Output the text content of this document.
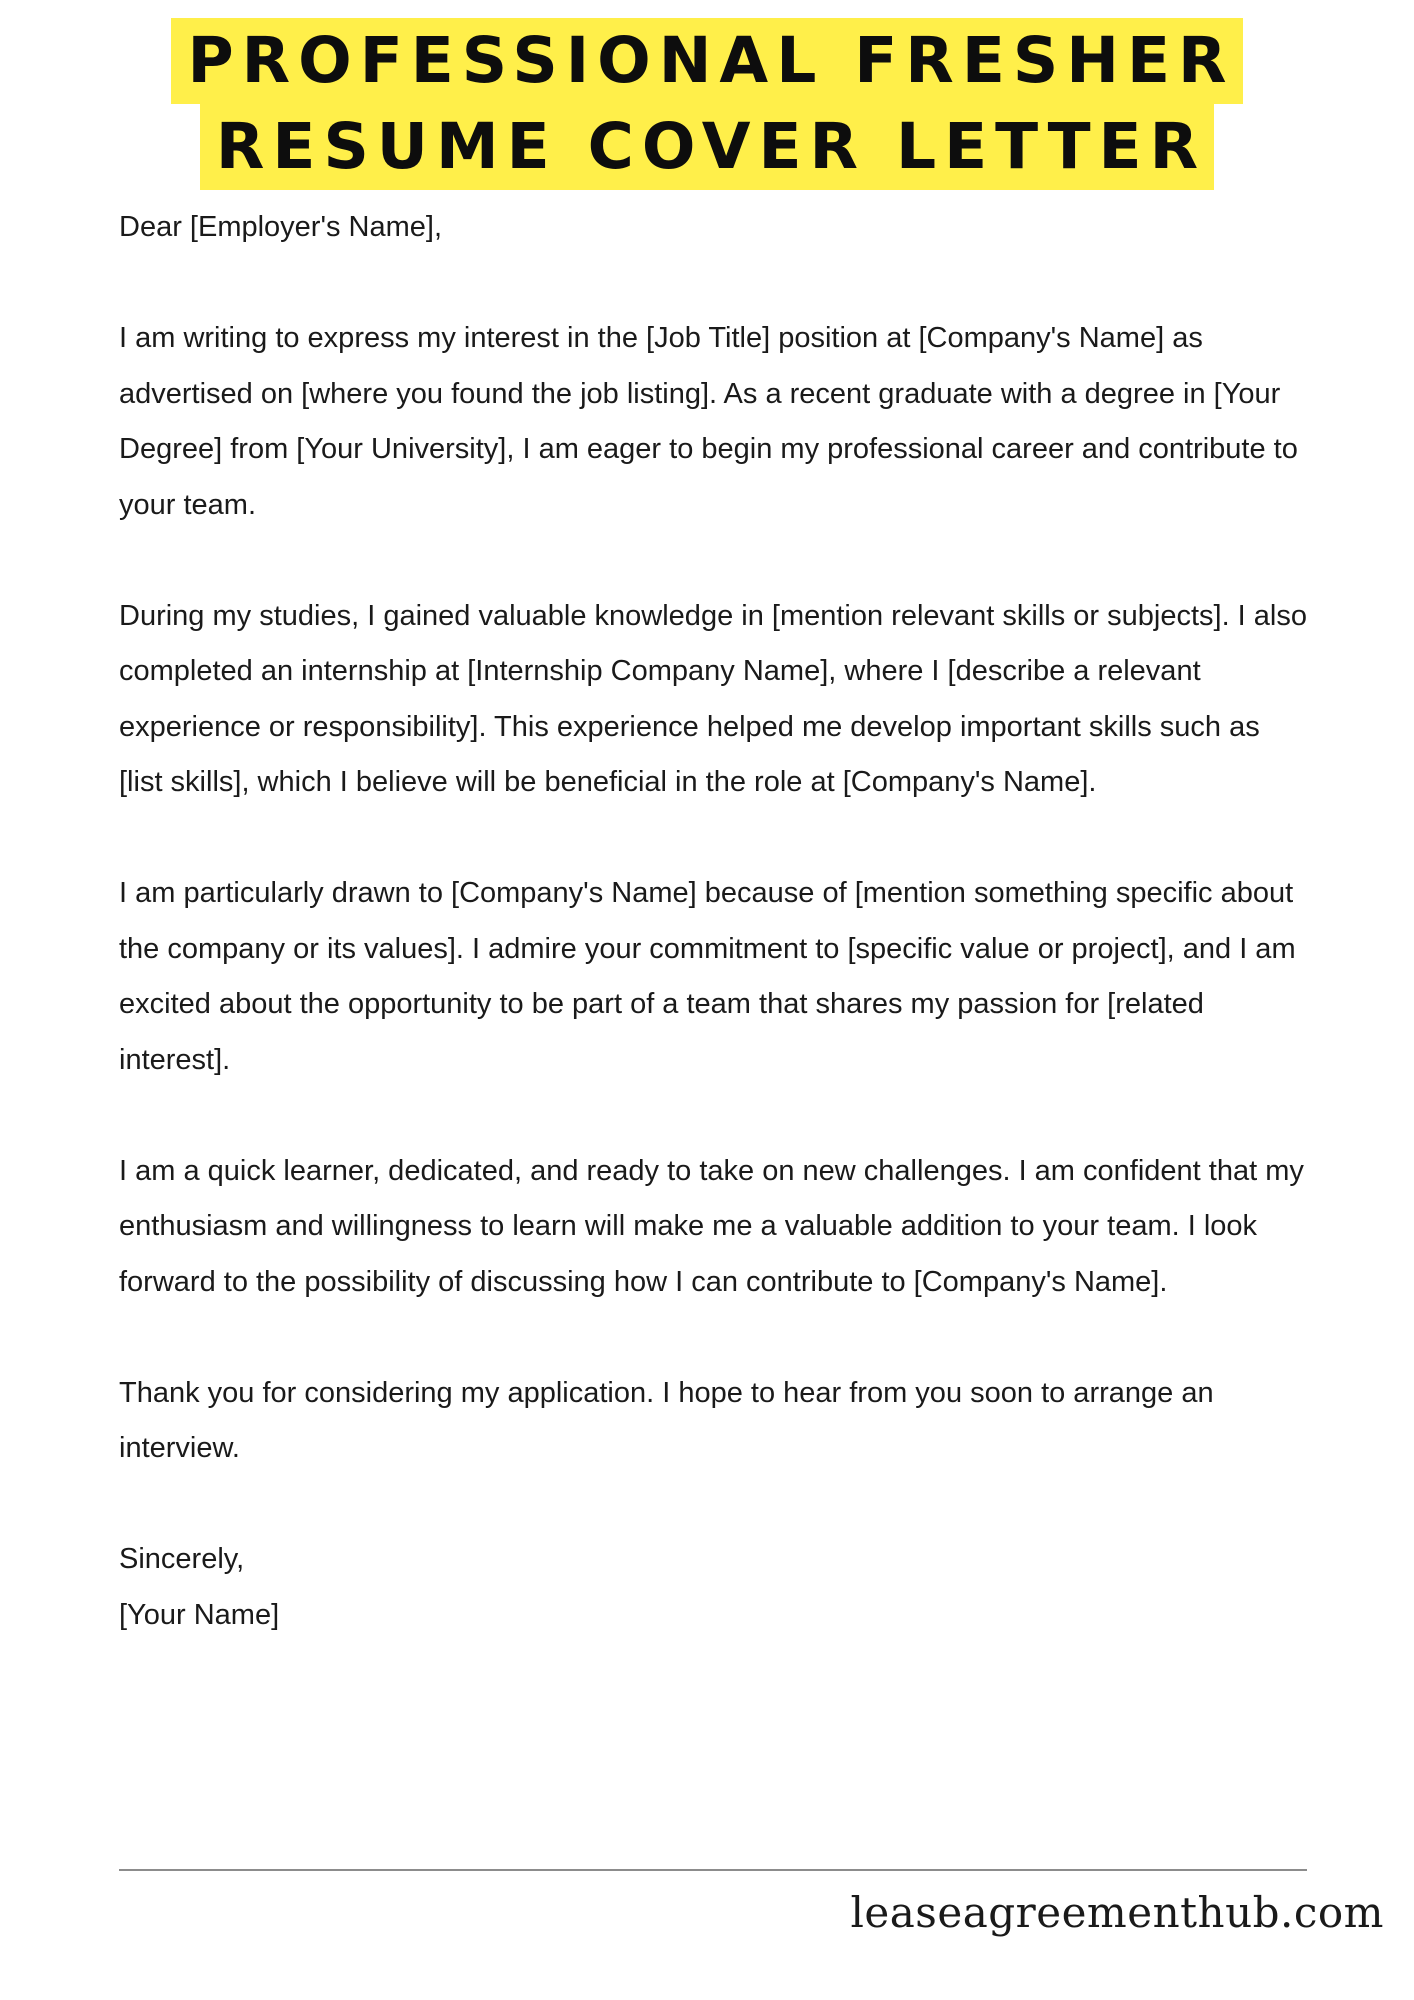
PROFESSIONAL FRESHER
RESUME COVER LETTER

Dear [Employer's Name],

I am writing to express my interest in the [Job Title] position at [Company's Name] as advertised on [where you found the job listing]. As a recent graduate with a degree in [Your Degree] from [Your University], I am eager to begin my professional career and contribute to your team.

During my studies, I gained valuable knowledge in [mention relevant skills or subjects]. I also completed an internship at [Internship Company Name], where I [describe a relevant experience or responsibility]. This experience helped me develop important skills such as [list skills], which I believe will be beneficial in the role at [Company's Name].

I am particularly drawn to [Company's Name] because of [mention something specific about the company or its values]. I admire your commitment to [specific value or project], and I am excited about the opportunity to be part of a team that shares my passion for [related interest].

I am a quick learner, dedicated, and ready to take on new challenges. I am confident that my enthusiasm and willingness to learn will make me a valuable addition to your team. I look forward to the possibility of discussing how I can contribute to [Company's Name].

Thank you for considering my application. I hope to hear from you soon to arrange an interview.

Sincerely,

[Your Name]

leaseagreementhub.com
